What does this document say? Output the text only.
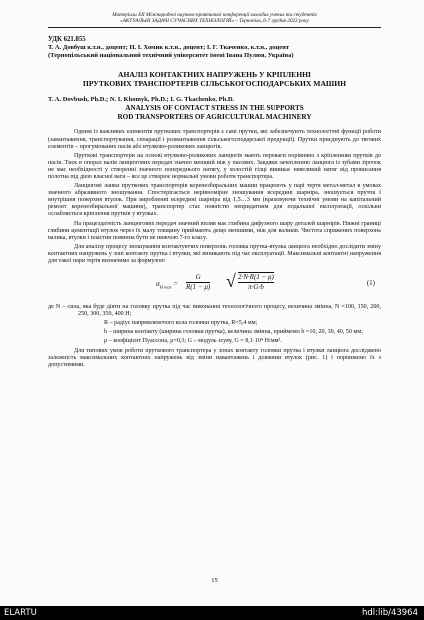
Матеріали XII Міжнародної науково-практичної конференції молодих учених та студентів
«АКТУАЛЬНІ ЗАДАЧІ СУЧАСНИХ ТЕХНОЛОГІЙ» – Тернопіль, 6-7 грудня 2023 року
УДК 621.855
Т. А. Довбуш к.т.н., доцент; Н. І. Хомик к.т.н., доцент; І. Г. Ткаченко, к.т.н., доцент
(Тернопільський національний технічний університет імені Івана Пулюя, Україна)
АНАЛІЗ КОНТАКТНИХ НАПРУЖЕНЬ У КРІПЛЕННІ
ПРУТКОВИХ ТРАНСПОРТЕРІВ СІЛЬСЬКОГОСПОДАРСЬКИХ МАШИН
T. A. Dovbush, Ph.D.; N. I. Khomyk, Ph.D.; I. G. Tkachenko, Ph.D.
ANALYSIS OF CONTACT STRESS IN THE SUPPORTS
ROD TRANSPORTERS OF AGRICULTURAL MACHINERY

Одним із важливих елементів пруткових транспортерів є самі прутки, які забезпечують технологічні функції роботи (завантаження, транспортування, сепарації і розвантаження сільськогосподарської продукції). Прутки приєднують до тягових елементів – прогумованих пасів або втулково-роликових ланцюгів.

Пруткові транспортери на основі втулково-роликових ланцюгів мають переваги порівняно з кріпленням прутків до пасів. Тиск в опорах валів ланцюгових передач значно менший ніж у пасових. Завдяки зачепленню ланцюга із зубами зірочок не має необхідності у створенні значного попереднього натягу, у холостій гілці виникає невеликий натяг від провисання полотна під дією власної ваги – все це створює нормальні умови роботи транспортера.

Ланцюгові ланки пруткових транспортерів коренезбиральних машин працюють у парі тертя метал-метал в умовах значного абразивного зношування. Спостерігається нерівномірне зношування всередині шарніра, зношується пруток і внутрішня поверхня втулок. При виробленні всередині шарніра від 1,5…3 мм (враховуючи технічні умови на капітальний ремонт коренезбиральної машини), транспортер стає повністю непридатним для подальшої експлуатації, оскільки ослабляється кріплення прутків у втулках.

На працездатність ланцюгових передач значний вплив має глибина дифузного шару деталей шарнірів. Нижні границі глибини цементації втулок через їх малу товщину приймають дещо меншими, ніж для валиків. Чистота спряжених поверхонь валика, втулки і пластин повинна бути не нижчою 7-го класу.

Для аналізу процесу зношування контактуючих поверхонь головка прутка-втулка ланцюга необхідно дослідити зміну контактних напружень у зоні контакту прутка і втулки, які виникають під час експлуатації. Максимальні контактні напруження для такої пари тертя визначимо за формулою

$\sigma_{H max} = \frac{G}{R(1 - \mu)}$ √ $\frac{2\cdot N\cdot R(1 - \mu)}{\pi\cdot G\cdot b}$	(1)

де N – сила, яка буде діяти на головку прутка під час виконання технологічного процесу, величина змінна, N =100, 150, 200, 250, 300, 350, 400 Н;

R – радіус напрямлюючого кола головки прутка, R=5,4 мм;

b – ширина контакту (ширина головки прутка), величина змінна, приймемо b =10, 20, 30, 40, 50 мм;

μ – коефіцієнт Пуассона, μ=0,3; G – модуль зсуву, G = 8,1·10⁴ Н/мм².

Для типових умов роботи пруткового транспортера у зонах контакту головки прутка і втулки ланцюга досліджено залежність максимальних контактних напружень від зміни навантажень і довжини втулок (рис. 1) і порівняємо їх з допустимими.

15
ELARTU	hdl:lib/43964
